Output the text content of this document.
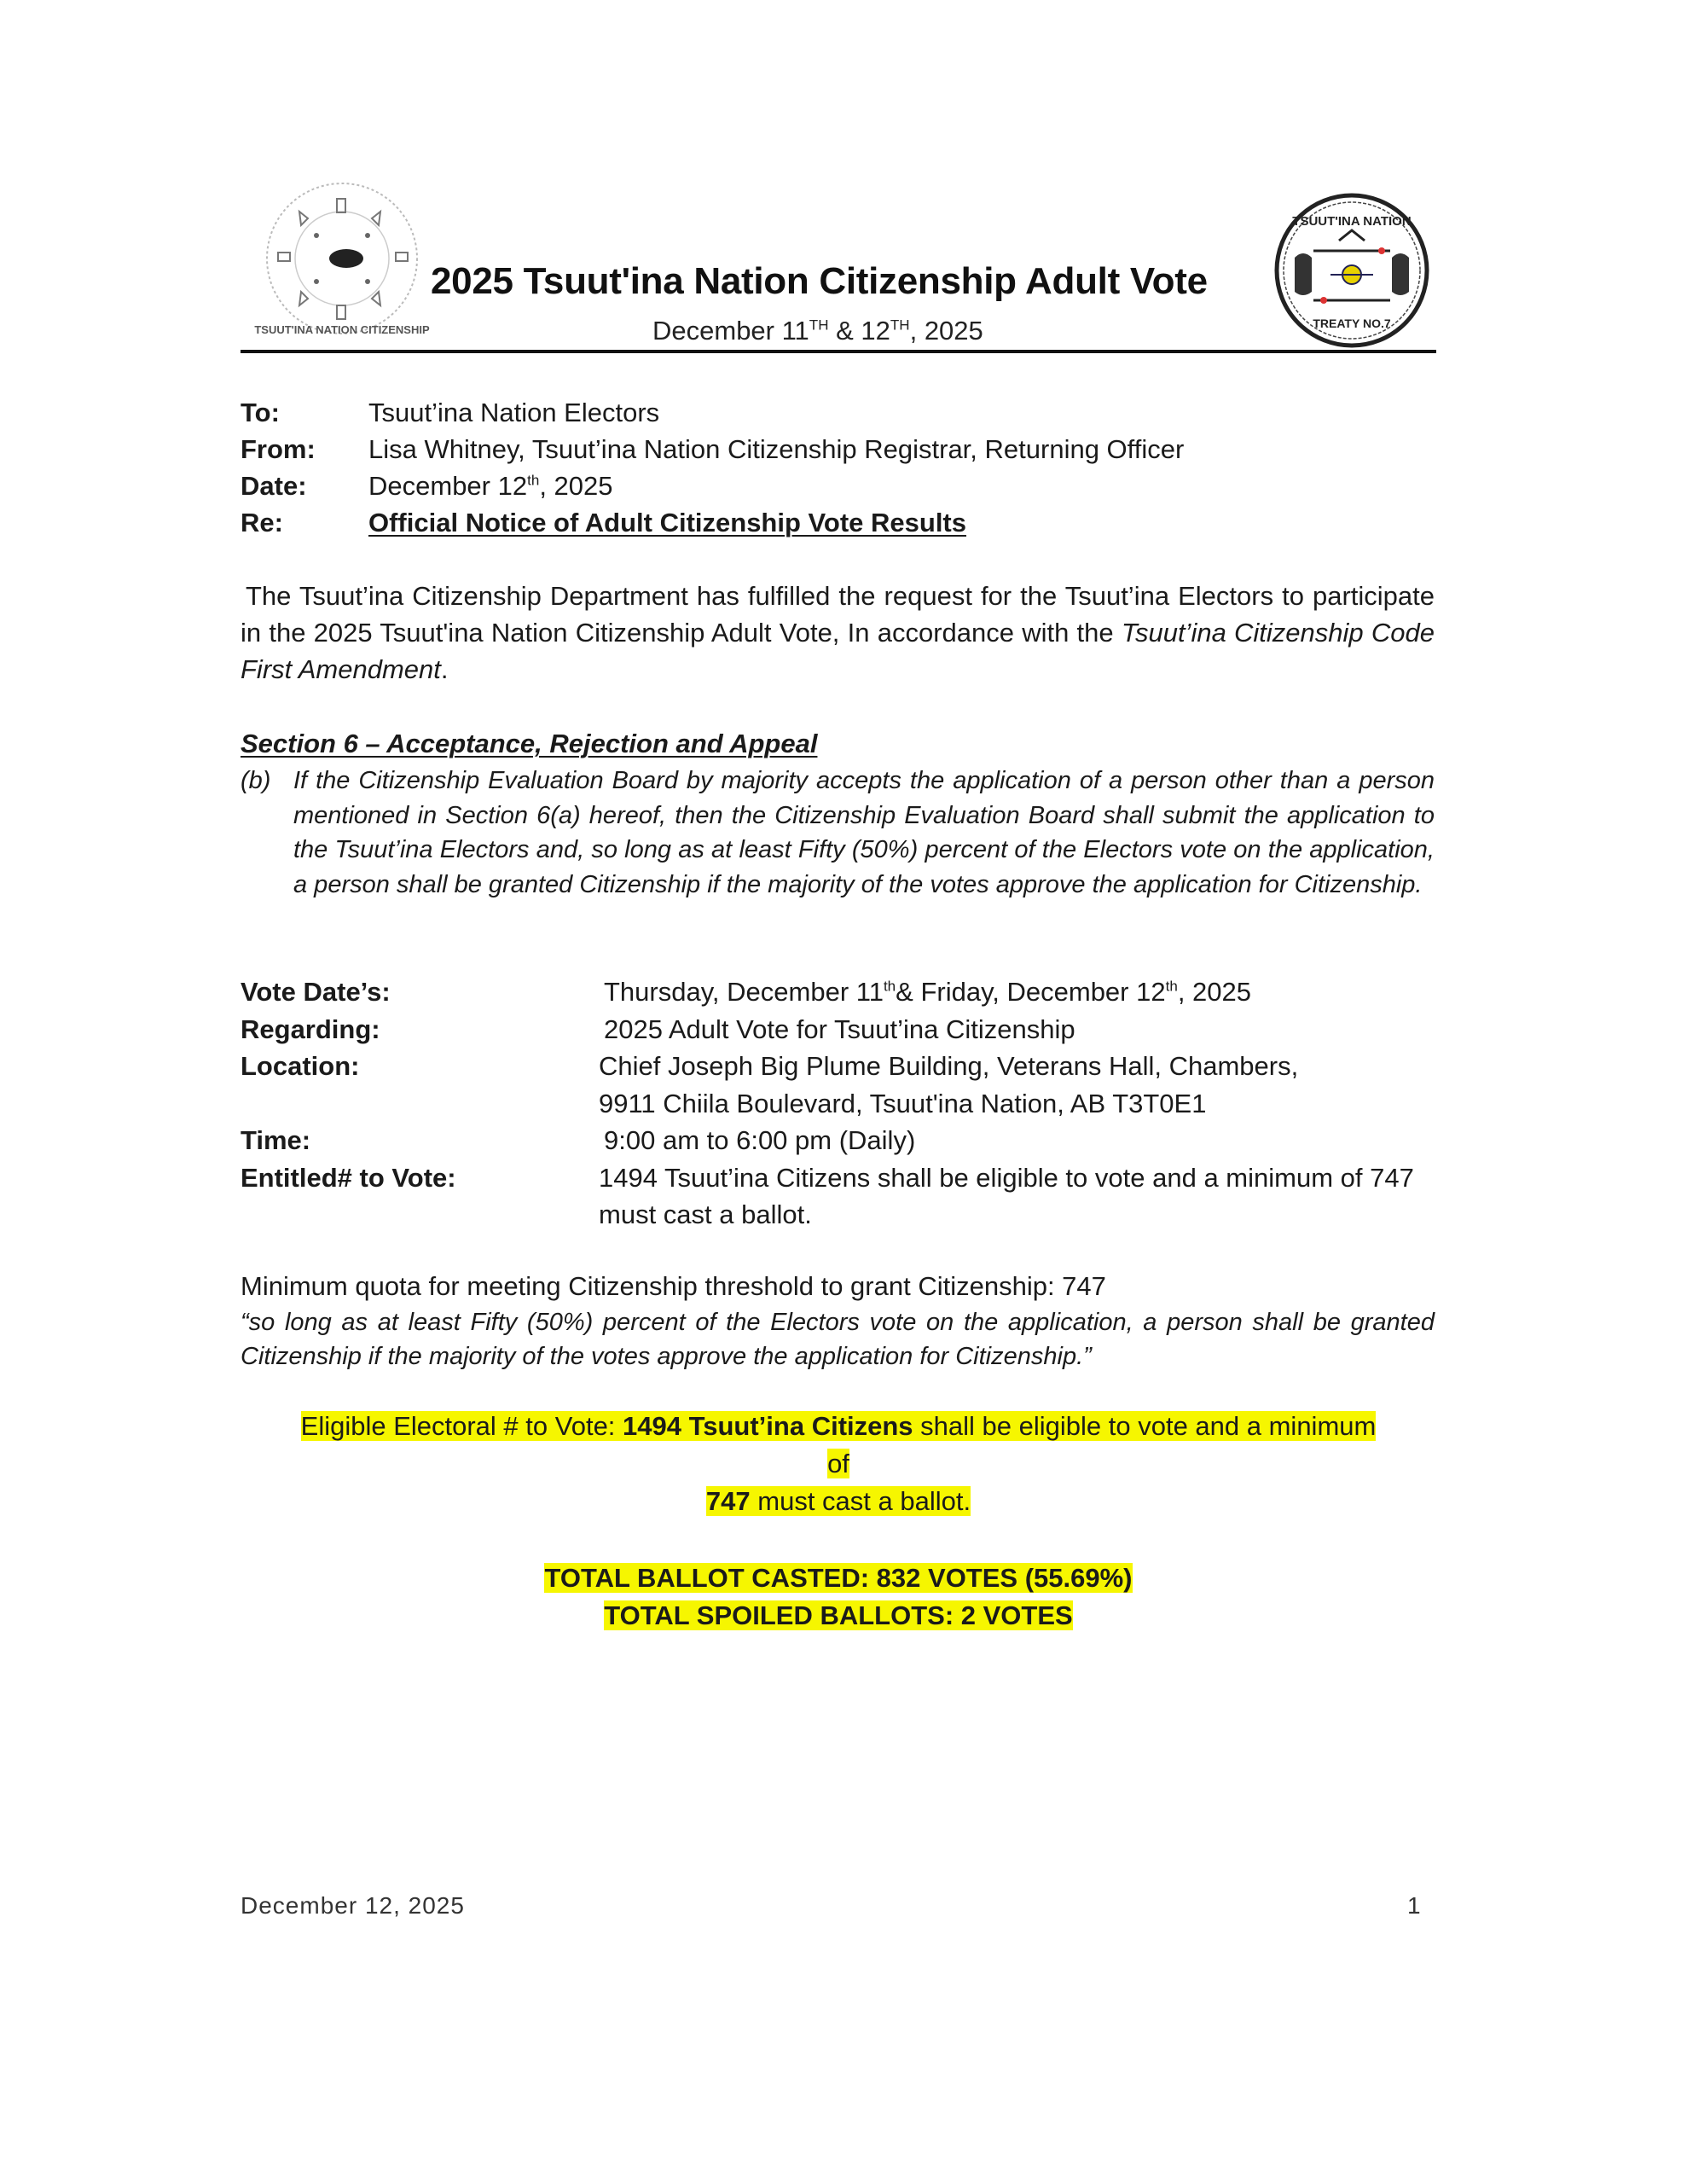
TSUUT'INA NATION CITIZENSHIP
TSUUT'INA NATION
TREATY NO.7
2025 Tsuut'ina Nation Citizenship Adult Vote
December 11TH & 12TH, 2025
To:	Tsuut’ina Nation Electors
From:	Lisa Whitney, Tsuut’ina Nation Citizenship Registrar, Returning Officer
Date:	December 12th, 2025
Re:	Official Notice of Adult Citizenship Vote Results
The Tsuut’ina Citizenship Department has fulfilled the request for the Tsuut’ina Electors to participate in the 2025 Tsuut'ina Nation Citizenship Adult Vote, In accordance with the Tsuut’ina Citizenship Code First Amendment.
Section 6 – Acceptance, Rejection and Appeal
(b) If the Citizenship Evaluation Board by majority accepts the application of a person other than a person mentioned in Section 6(a) hereof, then the Citizenship Evaluation Board shall submit the application to the Tsuut’ina Electors and, so long as at least Fifty (50%) percent of the Electors vote on the application, a person shall be granted Citizenship if the majority of the votes approve the application for Citizenship.
Vote Date’s:	Thursday, December 11th& Friday, December 12th, 2025
Regarding:	2025 Adult Vote for Tsuut’ina Citizenship
Location:	Chief Joseph Big Plume Building, Veterans Hall, Chambers,
9911 Chiila Boulevard, Tsuut'ina Nation, AB T3T0E1
Time:	9:00 am to 6:00 pm (Daily)
Entitled# to Vote:	1494 Tsuut’ina Citizens shall be eligible to vote and a minimum of 747 must cast a ballot.
Minimum quota for meeting Citizenship threshold to grant Citizenship: 747
“so long as at least Fifty (50%) percent of the Electors vote on the application, a person shall be granted Citizenship if the majority of the votes approve the application for Citizenship.”
Eligible Electoral # to Vote: 1494 Tsuut’ina Citizens shall be eligible to vote and a minimum
of
747 must cast a ballot.
TOTAL BALLOT CASTED: 832 VOTES (55.69%)
TOTAL SPOILED BALLOTS: 2 VOTES
December 12, 2025	1
